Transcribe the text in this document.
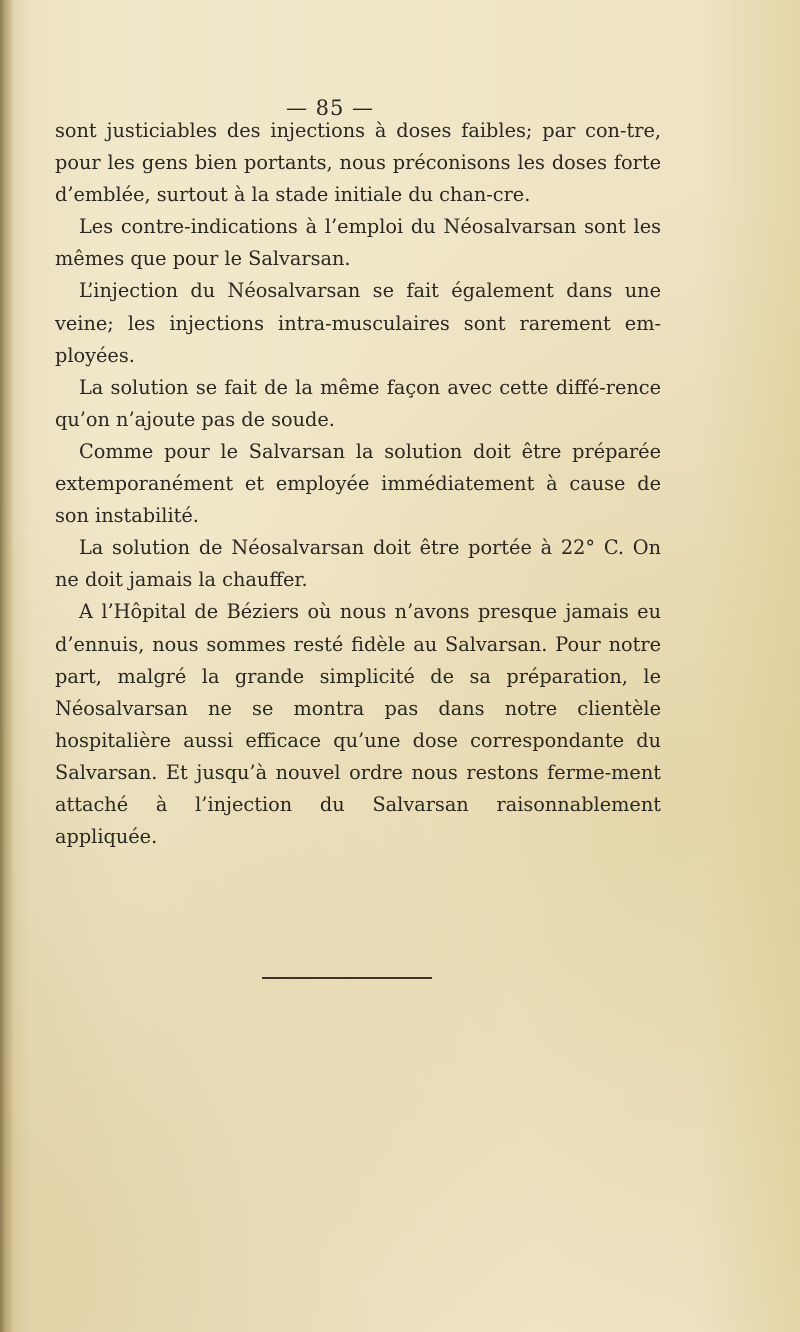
— 85 —

sont justiciables des injections à doses faibles; par con-tre, pour les gens bien portants, nous préconisons les doses forte d’emblée, surtout à la stade initiale du chan-cre.

Les contre-indications à l’emploi du Néosalvarsan sont les mêmes que pour le Salvarsan.

L’injection du Néosalvarsan se fait également dans une veine; les injections intra-musculaires sont rarement em-ployées.

La solution se fait de la même façon avec cette diffé-rence qu’on n’ajoute pas de soude.

Comme pour le Salvarsan la solution doit être préparée extemporanément et employée immédiatement à cause de son instabilité.

La solution de Néosalvarsan doit être portée à 22° C. On ne doit jamais la chauffer.

A l’Hôpital de Béziers où nous n’avons presque jamais eu d’ennuis, nous sommes resté fidèle au Salvarsan. Pour notre part, malgré la grande simplicité de sa préparation, le Néosalvarsan ne se montra pas dans notre clientèle hospitalière aussi efficace qu’une dose correspondante du Salvarsan. Et jusqu’à nouvel ordre nous restons ferme-ment attaché à l’injection du Salvarsan raisonnablement appliquée.
